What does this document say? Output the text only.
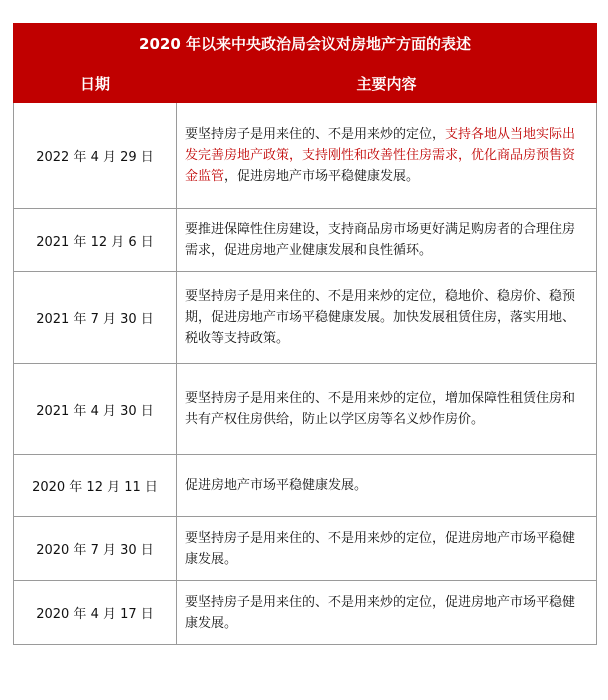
2020 年以来中央政治局会议对房地产方面的表述	
日期	主要内容
2022 年 4 月 29 日	要坚持房子是用来住的、不是用来炒的定位，支持各地从当地实际出发完善房地产政策，支持刚性和改善性住房需求，优化商品房预售资金监管，促进房地产市场平稳健康发展。
2021 年 12 月 6 日	要推进保障性住房建设，支持商品房市场更好满足购房者的合理住房需求，促进房地产业健康发展和良性循环。
2021 年 7 月 30 日	要坚持房子是用来住的、不是用来炒的定位，稳地价、稳房价、稳预期，促进房地产市场平稳健康发展。加快发展租赁住房，落实用地、税收等支持政策。
2021 年 4 月 30 日	要坚持房子是用来住的、不是用来炒的定位，增加保障性租赁住房和共有产权住房供给，防止以学区房等名义炒作房价。
2020 年 12 月 11 日	促进房地产市场平稳健康发展。
2020 年 7 月 30 日	要坚持房子是用来住的、不是用来炒的定位，促进房地产市场平稳健康发展。
2020 年 4 月 17 日	要坚持房子是用来住的、不是用来炒的定位，促进房地产市场平稳健康发展。
